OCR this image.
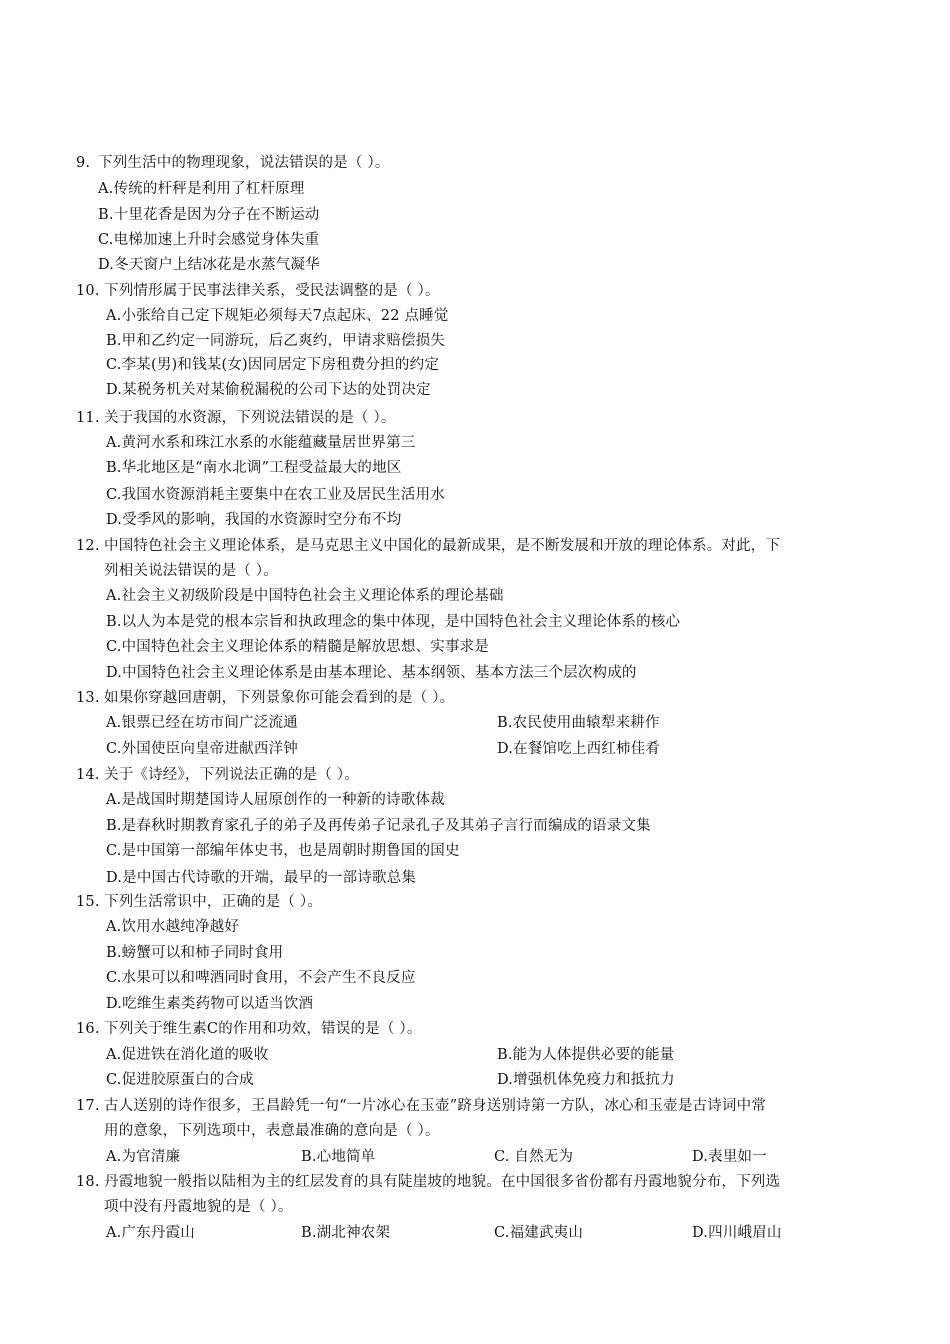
9. 下列生活中的物理现象，说法错误的是（ ）。
A.传统的杆秤是利用了杠杆原理
B.十里花香是因为分子在不断运动
C.电梯加速上升时会感觉身体失重
D.冬天窗户上结冰花是水蒸气凝华
10. 下列情形属于民事法律关系，受民法调整的是（ ）。
A.小张给自己定下规矩必须每天7点起床、22 点睡觉
B.甲和乙约定一同游玩，后乙爽约，甲请求赔偿损失
C.李某(男)和钱某(女)因同居定下房租费分担的约定
D.某税务机关对某偷税漏税的公司下达的处罚决定
11. 关于我国的水资源，下列说法错误的是（ ）。
A.黄河水系和珠江水系的水能蕴藏量居世界第三
B.华北地区是“南水北调”工程受益最大的地区
C.我国水资源消耗主要集中在农工业及居民生活用水
D.受季风的影响，我国的水资源时空分布不均
12. 中国特色社会主义理论体系，是马克思主义中国化的最新成果，是不断发展和开放的理论体系。对此，下
列相关说法错误的是（ ）。
A.社会主义初级阶段是中国特色社会主义理论体系的理论基础
B.以人为本是党的根本宗旨和执政理念的集中体现，是中国特色社会主义理论体系的核心
C.中国特色社会主义理论体系的精髓是解放思想、实事求是
D.中国特色社会主义理论体系是由基本理论、基本纲领、基本方法三个层次构成的
13. 如果你穿越回唐朝，下列景象你可能会看到的是（ ）。
A.银票已经在坊市间广泛流通	B.农民使用曲辕犁来耕作
C.外国使臣向皇帝进献西洋钟	D.在餐馆吃上西红柿佳肴
14. 关于《诗经》，下列说法正确的是（ ）。
A.是战国时期楚国诗人屈原创作的一种新的诗歌体裁
B.是春秋时期教育家孔子的弟子及再传弟子记录孔子及其弟子言行而编成的语录文集
C.是中国第一部编年体史书，也是周朝时期鲁国的国史
D.是中国古代诗歌的开端，最早的一部诗歌总集
15. 下列生活常识中，正确的是（ ）。
A.饮用水越纯净越好
B.螃蟹可以和柿子同时食用
C.水果可以和啤酒同时食用，不会产生不良反应
D.吃维生素类药物可以适当饮酒
16. 下列关于维生素C的作用和功效，错误的是（ ）。
A.促进铁在消化道的吸收	B.能为人体提供必要的能量
C.促进胶原蛋白的合成	D.增强机体免疫力和抵抗力
17. 古人送别的诗作很多，王昌龄凭一句“一片冰心在玉壶”跻身送别诗第一方队，冰心和玉壶是古诗词中常
用的意象，下列选项中，表意最准确的意向是（ ）。
A.为官清廉	B.心地简单	C. 自然无为	D.表里如一
18. 丹霞地貌一般指以陆相为主的红层发育的具有陡崖坡的地貌。在中国很多省份都有丹霞地貌分布，下列选
项中没有丹霞地貌的是（ ）。
A.广东丹霞山	B.湖北神农架	C.福建武夷山	D.四川峨眉山
